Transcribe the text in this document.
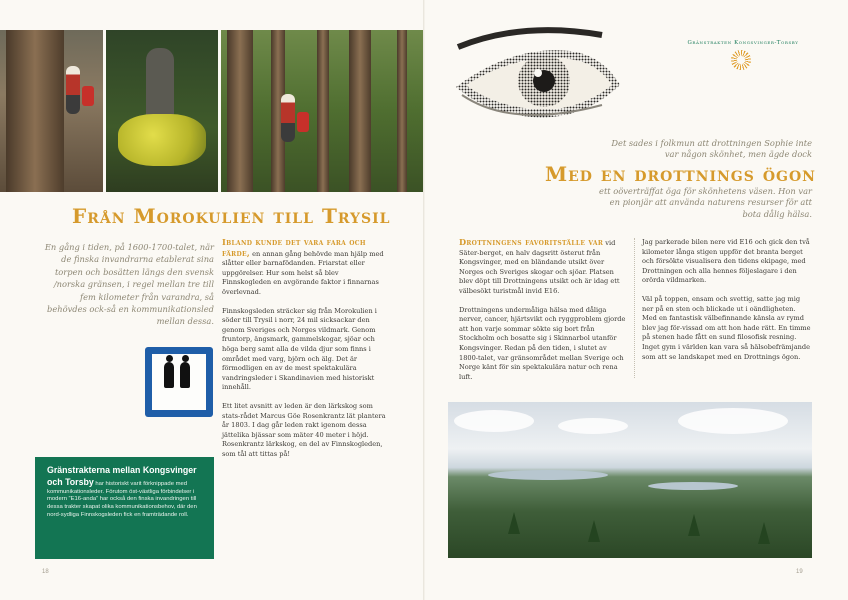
Från Morokulien till Trysil
En gång i tiden, på 1600-1700-talet, när de finska invandrarna etablerat sina torpen och bosätten längs den svensk /norska gränsen, i regel mellan tre till fem kilometer från varandra, så behövdes ock-så en kommunikationsled mellan dessa.

Ibland kunde det vara fara och färde, en annan gång behövde man hjälp med slåtter eller barnafödanden. Friarstat eller uppgörelser. Hur som helst så blev Finnskogleden en avgörande faktor i finnarnas överlevnad.

Finnskogsleden sträcker sig från Morokulien i söder till Trysil i norr, 24 mil sicksackar den genom Sveriges och Norges vildmark. Genom fruntorp, ängsmark, gammelskogar, sjöar och höga berg samt alla de vilda djur som finns i området med varg, björn och älg. Det är förmodligen en av de mest spektakulära vandringsleder i Skandinavien med historiskt innehåll.

Ett litet avsnitt av leden är den lärkskog som stats-rådet Marcus Göe Rosenkrantz lät plantera år 1803. I dag går leden rakt igenom dessa jättelika bjässar som mäter 40 meter i höjd. Rosenkrantz lärkskog, en del av Finnskogleden, som tål att tittas på!

Gränstrakterna mellan Kongsvinger och Torsby har historiskt varit förknippade med kommunikationsleder. Förutom öst-västliga förbindelser i modern “E16-anda” har också den finska invandringen till dessa trakter skapat olika kommunikationsbehov, där den nord-sydliga Finnskogsleden fick en framträdande roll.
18
Gränstrakten Kongsvinger-Torsby
Det sades i folkmun att drottningen Sophie inte var någon skönhet, men ägde dock
Med en drottnings ögon
ett oöverträffat öga för skönhetens väsen. Hon var en pionjär att använda naturens resurser för att bota dålig hälsa.

Drottningens favoritställe var vid Säter-berget, en halv dagsritt österut från Kongsvinger, med en bländande utsikt över Norges och Sveriges skogar och sjöar. Platsen blev döpt till Drottningens utsikt och är idag ett välbesökt turistmål invid E16.

Drottningens undermåliga hälsa med dåliga nerver, cancer, hjärtsvikt och ryggproblem gjorde att hon varje sommar sökte sig bort från Stockholm och bosatte sig i Skinnarbol utanför Kongsvinger. Redan på den tiden, i slutet av 1800-talet, var gränsområdet mellan Sverige och Norge känt för sin spektakulära natur och rena luft.

Jag parkerade bilen nere vid E16 och gick den två kilometer långa stigen uppför det branta berget och försökte visualisera den tidens ekipage, med Drottningen och alla hennes följeslagare i den orörda vildmarken.

Väl på toppen, ensam och svettig, satte jag mig ner på en sten och blickade ut i oändligheten. Med en fantastisk välbefinnande känsla av rymd blev jag för-vissad om att hon hade rätt. En timme på stenen hade fått en sund filosofisk resning. Inget gym i världen kan vara så hälsobefrämjande som att se landskapet med en Drottnings ögon.

19
